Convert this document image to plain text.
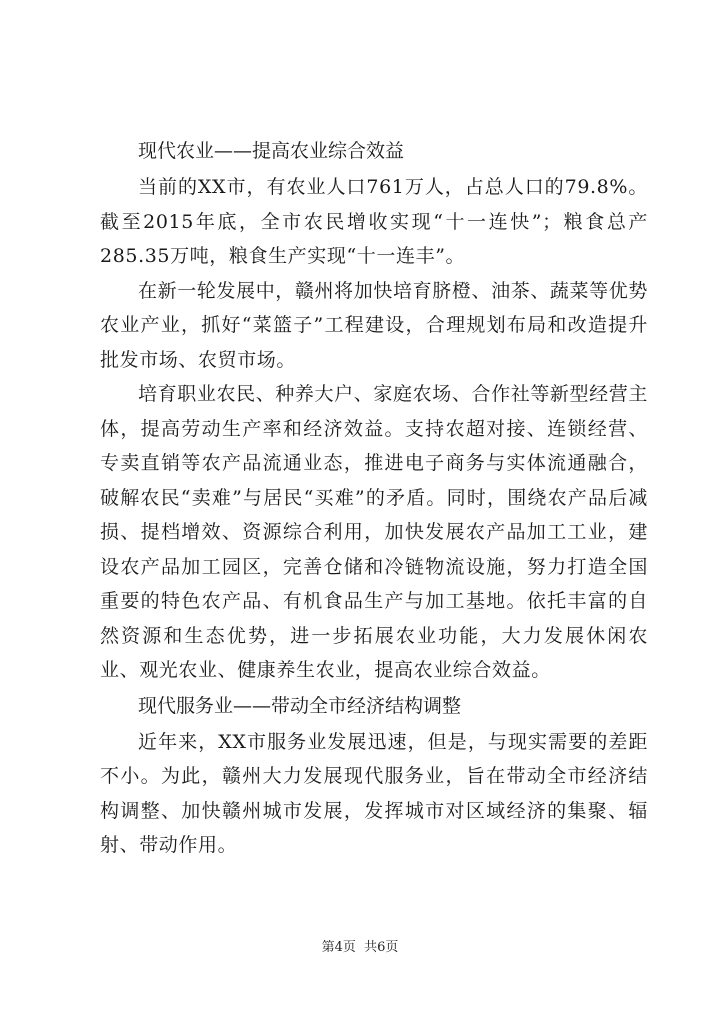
现代农业——提高农业综合效益

当前的XX市，有农业人口761万人，占总人口的79.8%。截至2015年底，全市农民增收实现“十一连快”；粮食总产285.35万吨，粮食生产实现“十一连丰”。

在新一轮发展中，赣州将加快培育脐橙、油茶、蔬菜等优势农业产业，抓好“菜篮子”工程建设，合理规划布局和改造提升批发市场、农贸市场。

培育职业农民、种养大户、家庭农场、合作社等新型经营主体，提高劳动生产率和经济效益。支持农超对接、连锁经营、专卖直销等农产品流通业态，推进电子商务与实体流通融合，破解农民“卖难”与居民“买难”的矛盾。同时，围绕农产品后减损、提档增效、资源综合利用，加快发展农产品加工工业，建设农产品加工园区，完善仓储和冷链物流设施，努力打造全国重要的特色农产品、有机食品生产与加工基地。依托丰富的自然资源和生态优势，进一步拓展农业功能，大力发展休闲农业、观光农业、健康养生农业，提高农业综合效益。

现代服务业——带动全市经济结构调整

近年来，XX市服务业发展迅速，但是，与现实需要的差距不小。为此，赣州大力发展现代服务业，旨在带动全市经济结构调整、加快赣州城市发展，发挥城市对区域经济的集聚、辐射、带动作用。

第4页 共6页
